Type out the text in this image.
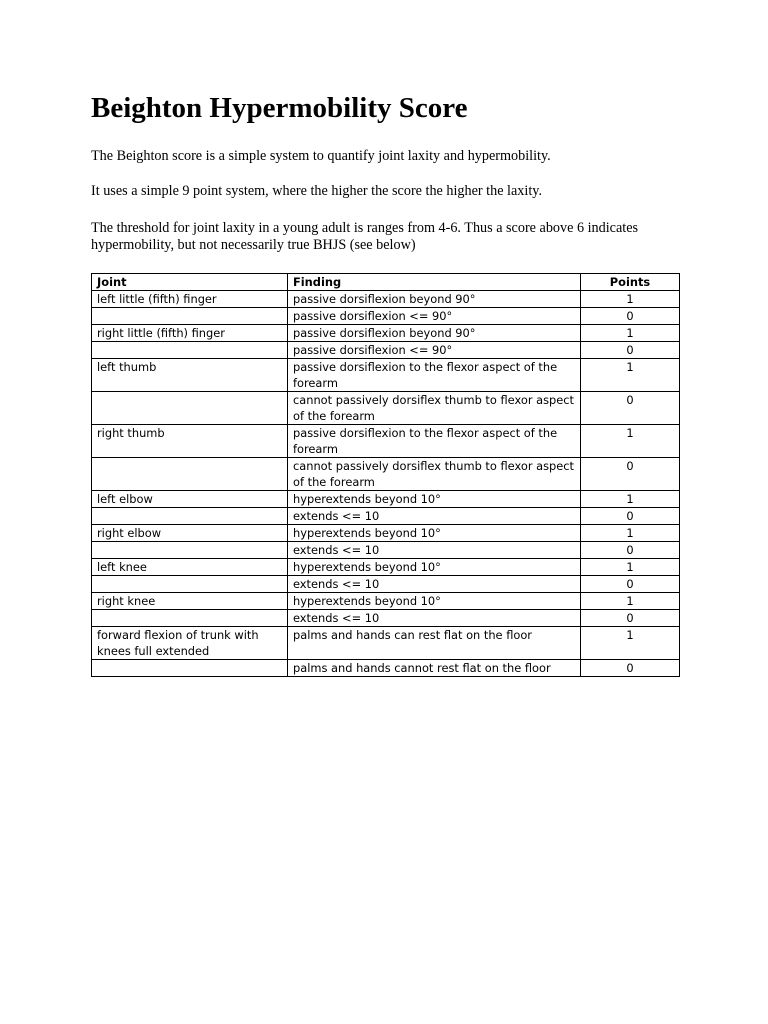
Beighton Hypermobility Score

The Beighton score is a simple system to quantify joint laxity and hypermobility.

It uses a simple 9 point system, where the higher the score the higher the laxity.

The threshold for joint laxity in a young adult is ranges from 4-6. Thus a score above 6 indicates hypermobility, but not necessarily true BHJS (see below)

Joint	Finding	Points
left little (fifth) finger	passive dorsiflexion beyond 90°	1
	passive dorsiflexion <= 90°	0
right little (fifth) finger	passive dorsiflexion beyond 90°	1
	passive dorsiflexion <= 90°	0
left thumb	passive dorsiflexion to the flexor aspect of the forearm	1
	cannot passively dorsiflex thumb to flexor aspect of the forearm	0
right thumb	passive dorsiflexion to the flexor aspect of the forearm	1
	cannot passively dorsiflex thumb to flexor aspect of the forearm	0
left elbow	hyperextends beyond 10°	1
	extends <= 10	0
right elbow	hyperextends beyond 10°	1
	extends <= 10	0
left knee	hyperextends beyond 10°	1
	extends <= 10	0
right knee	hyperextends beyond 10°	1
	extends <= 10	0
forward flexion of trunk with knees full extended	palms and hands can rest flat on the floor	1
	palms and hands cannot rest flat on the floor	0
